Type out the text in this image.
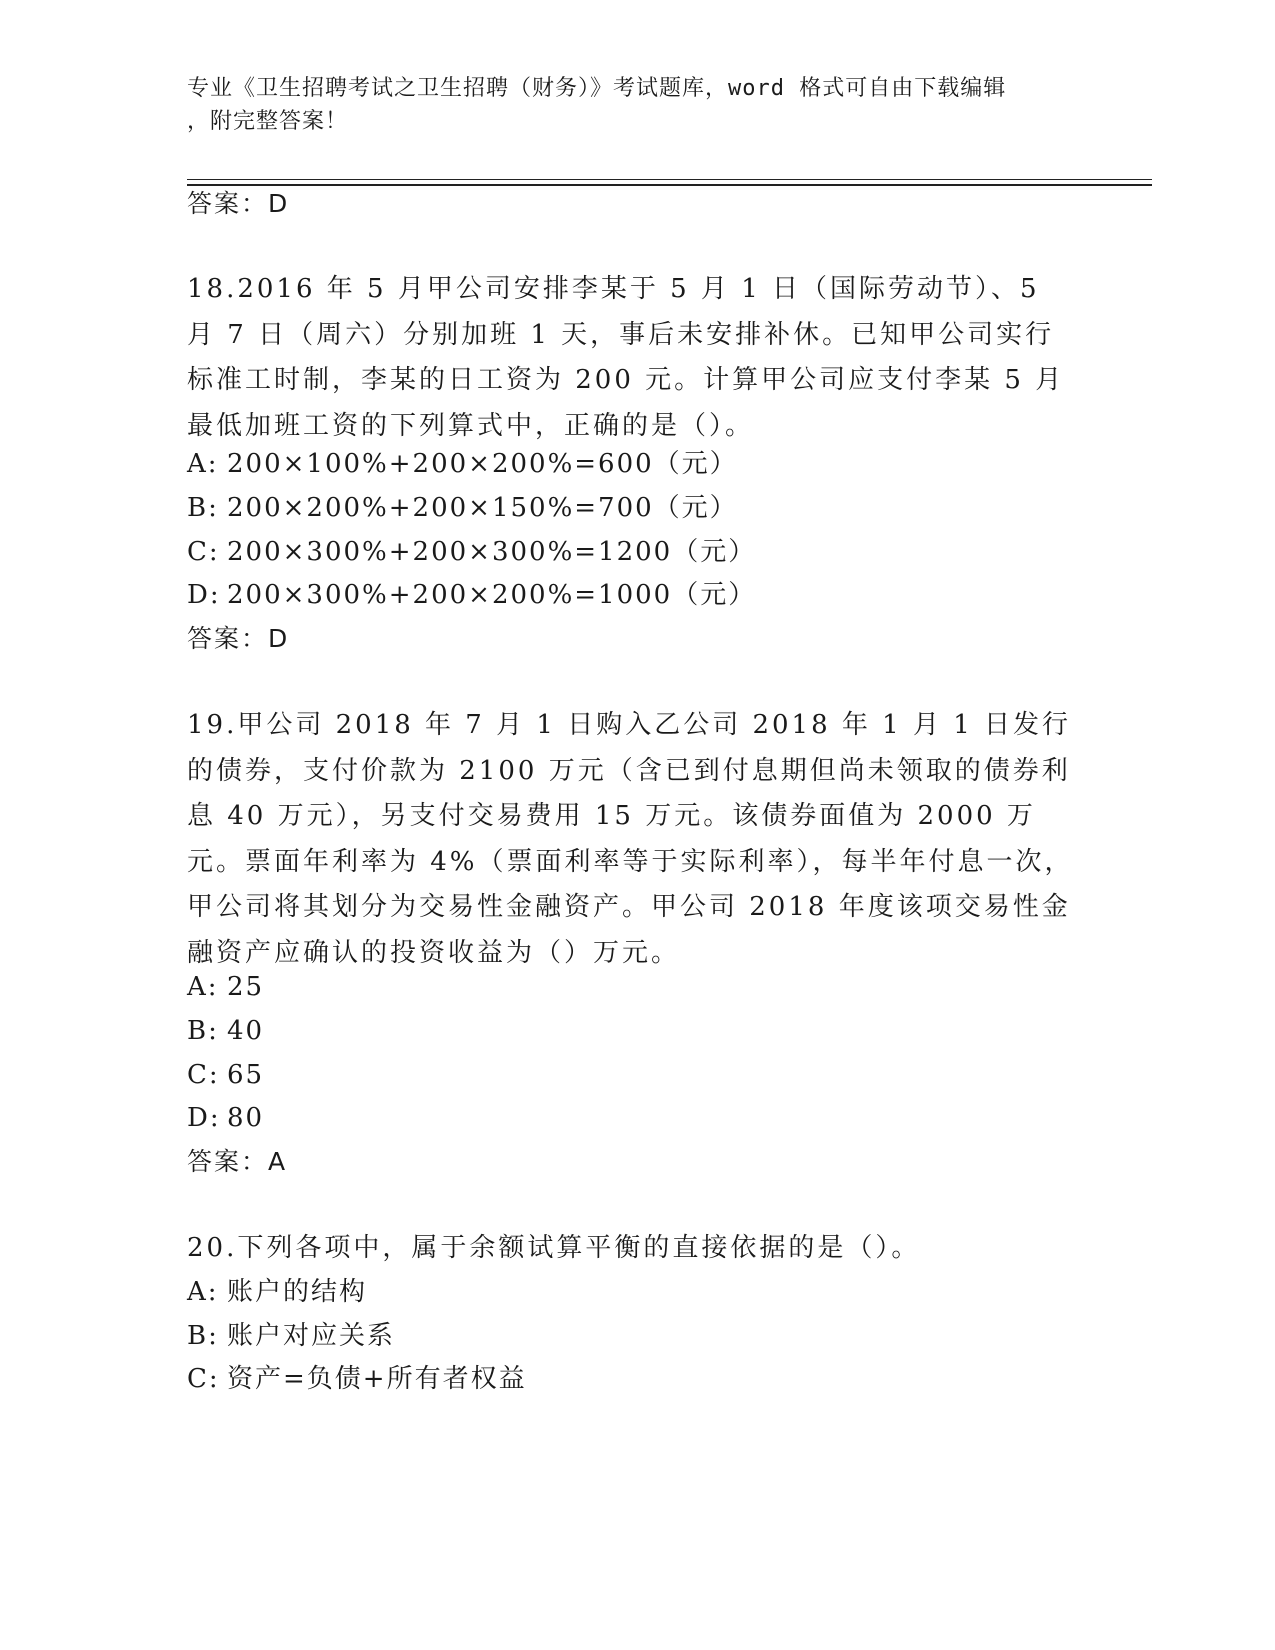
专业《卫生招聘考试之卫生招聘（财务）》考试题库，word 格式可自由下载编辑
，附完整答案！
答案：D

18.2016 年 5 月甲公司安排李某于 5 月 1 日（国际劳动节）、5 月 7 日（周六）分别加班 1 天，事后未安排补休。已知甲公司实行标准工时制，李某的日工资为 200 元。计算甲公司应支付李某 5 月最低加班工资的下列算式中，正确的是（）。

A: 200×100%+200×200%=600（元）
B: 200×200%+200×150%=700（元）
C: 200×300%+200×300%=1200（元）
D: 200×300%+200×200%=1000（元）
答案：D

19.甲公司 2018 年 7 月 1 日购入乙公司 2018 年 1 月 1 日发行的债券，支付价款为 2100 万元（含已到付息期但尚未领取的债券利息 40 万元），另支付交易费用 15 万元。该债券面值为 2000 万元。票面年利率为 4%（票面利率等于实际利率），每半年付息一次，甲公司将其划分为交易性金融资产。甲公司 2018 年度该项交易性金融资产应确认的投资收益为（）万元。

A: 25
B: 40
C: 65
D: 80
答案：A

20.下列各项中，属于余额试算平衡的直接依据的是（）。

A: 账户的结构
B: 账户对应关系
C: 资产=负债+所有者权益
